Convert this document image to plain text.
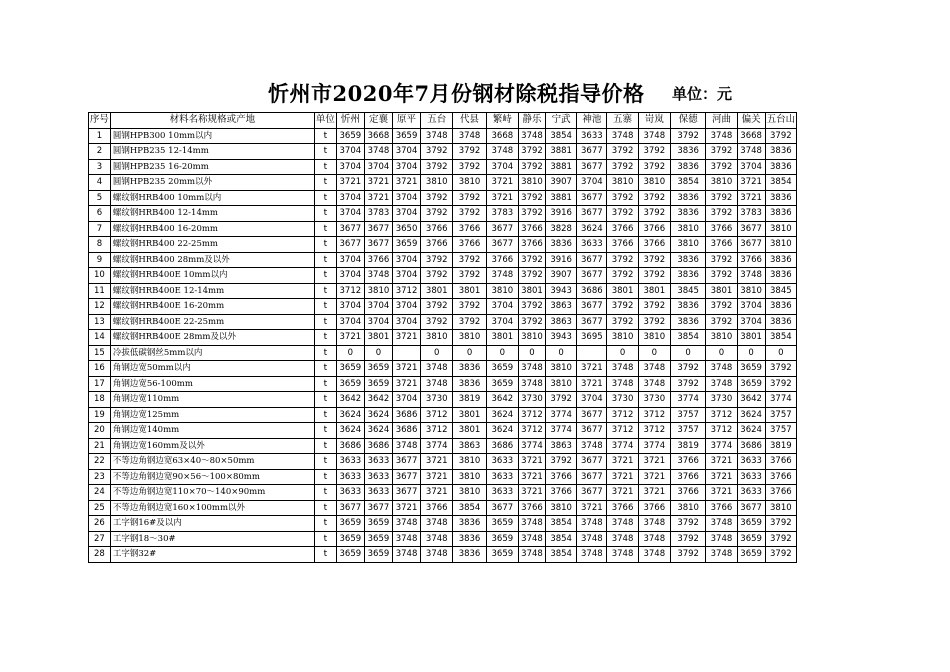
忻州市2020年7月份钢材除税指导价格 单位：元
序号	材料名称规格或产地	单位	忻州	定襄	原平	五台	代县	繁峙	静乐	宁武	神池	五寨	岢岚	保德	河曲	偏关	五台山
1	圆钢HPB300 10mm以内	t	3659	3668	3659	3748	3748	3668	3748	3854	3633	3748	3748	3792	3748	3668	3792
2	圆钢HPB235 12-14mm	t	3704	3748	3704	3792	3792	3748	3792	3881	3677	3792	3792	3836	3792	3748	3836
3	圆钢HPB235 16-20mm	t	3704	3704	3704	3792	3792	3704	3792	3881	3677	3792	3792	3836	3792	3704	3836
4	圆钢HPB235 20mm以外	t	3721	3721	3721	3810	3810	3721	3810	3907	3704	3810	3810	3854	3810	3721	3854
5	螺纹钢HRB400 10mm以内	t	3704	3721	3704	3792	3792	3721	3792	3881	3677	3792	3792	3836	3792	3721	3836
6	螺纹钢HRB400 12-14mm	t	3704	3783	3704	3792	3792	3783	3792	3916	3677	3792	3792	3836	3792	3783	3836
7	螺纹钢HRB400 16-20mm	t	3677	3677	3650	3766	3766	3677	3766	3828	3624	3766	3766	3810	3766	3677	3810
8	螺纹钢HRB400 22-25mm	t	3677	3677	3659	3766	3766	3677	3766	3836	3633	3766	3766	3810	3766	3677	3810
9	螺纹钢HRB400 28mm及以外	t	3704	3766	3704	3792	3792	3766	3792	3916	3677	3792	3792	3836	3792	3766	3836
10	螺纹钢HRB400E 10mm以内	t	3704	3748	3704	3792	3792	3748	3792	3907	3677	3792	3792	3836	3792	3748	3836
11	螺纹钢HRB400E 12-14mm	t	3712	3810	3712	3801	3801	3810	3801	3943	3686	3801	3801	3845	3801	3810	3845
12	螺纹钢HRB400E 16-20mm	t	3704	3704	3704	3792	3792	3704	3792	3863	3677	3792	3792	3836	3792	3704	3836
13	螺纹钢HRB400E 22-25mm	t	3704	3704	3704	3792	3792	3704	3792	3863	3677	3792	3792	3836	3792	3704	3836
14	螺纹钢HRB400E 28mm及以外	t	3721	3801	3721	3810	3810	3801	3810	3943	3695	3810	3810	3854	3810	3801	3854
15	冷拔低碳钢丝5mm以内	t	0	0		0	0	0	0	0		0	0	0	0	0	0
16	角钢边宽50mm以内	t	3659	3659	3721	3748	3836	3659	3748	3810	3721	3748	3748	3792	3748	3659	3792
17	角钢边宽56-100mm	t	3659	3659	3721	3748	3836	3659	3748	3810	3721	3748	3748	3792	3748	3659	3792
18	角钢边宽110mm	t	3642	3642	3704	3730	3819	3642	3730	3792	3704	3730	3730	3774	3730	3642	3774
19	角钢边宽125mm	t	3624	3624	3686	3712	3801	3624	3712	3774	3677	3712	3712	3757	3712	3624	3757
20	角钢边宽140mm	t	3624	3624	3686	3712	3801	3624	3712	3774	3677	3712	3712	3757	3712	3624	3757
21	角钢边宽160mm及以外	t	3686	3686	3748	3774	3863	3686	3774	3863	3748	3774	3774	3819	3774	3686	3819
22	不等边角钢边宽63×40～80×50mm	t	3633	3633	3677	3721	3810	3633	3721	3792	3677	3721	3721	3766	3721	3633	3766
23	不等边角钢边宽90×56～100×80mm	t	3633	3633	3677	3721	3810	3633	3721	3766	3677	3721	3721	3766	3721	3633	3766
24	不等边角钢边宽110×70～140×90mm	t	3633	3633	3677	3721	3810	3633	3721	3766	3677	3721	3721	3766	3721	3633	3766
25	不等边角钢边宽160×100mm以外	t	3677	3677	3721	3766	3854	3677	3766	3810	3721	3766	3766	3810	3766	3677	3810
26	工字钢16#及以内	t	3659	3659	3748	3748	3836	3659	3748	3854	3748	3748	3748	3792	3748	3659	3792
27	工字钢18～30#	t	3659	3659	3748	3748	3836	3659	3748	3854	3748	3748	3748	3792	3748	3659	3792
28	工字钢32#	t	3659	3659	3748	3748	3836	3659	3748	3854	3748	3748	3748	3792	3748	3659	3792
